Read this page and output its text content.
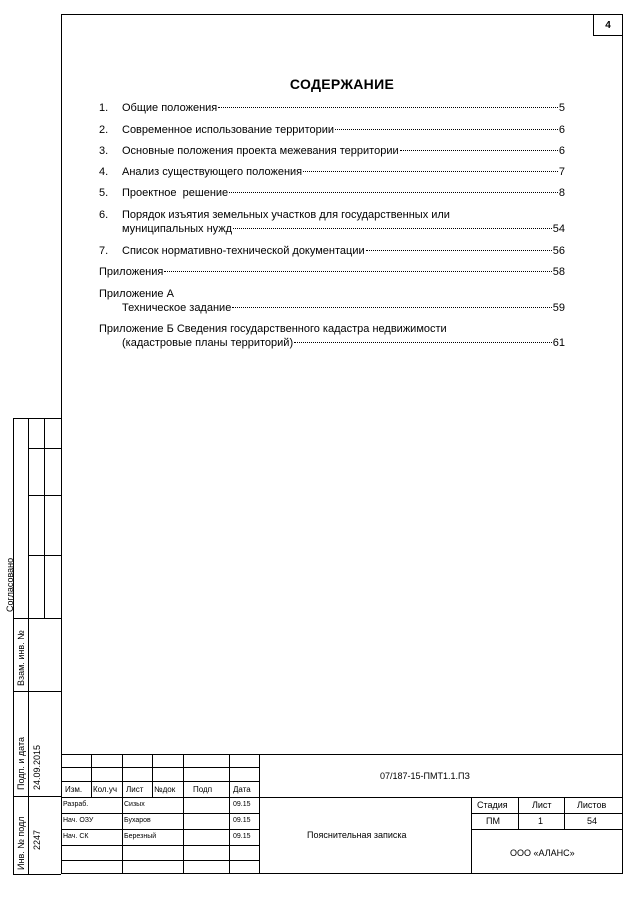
4
СОДЕРЖАНИЕ
1.	Общие положения	5
2.	Современное использование территории	6
3.	Основные положения проекта межевания территории	6
4.	Анализ существующего положения	7
5.	Проектное  решение	8
6.	Порядок изъятия земельных участков для государственных или
муниципальных нужд	54
7.	Список нормативно-технической документации	56
Приложения	58
Приложение А
Техническое задание	59
Приложение Б Сведения государственного кадастра недвижимости
(кадастровые планы территорий)	61
Согласовано
Взам. инв. №
Подп. и дата 24.09.2015
Инв. № подл 2247
07/187-15-ПМТ1.1.ПЗ
Изм. Кол.уч Лист №док Подп	Дата
Разраб.	Сизых	09.15
Нач. ОЗУ	Бухаров	09.15
Нач. СК	Березный	09.15	Пояснительная записка
Стадия	Лист	Листов
ПМ	1	54
ООО «АЛАНС»
